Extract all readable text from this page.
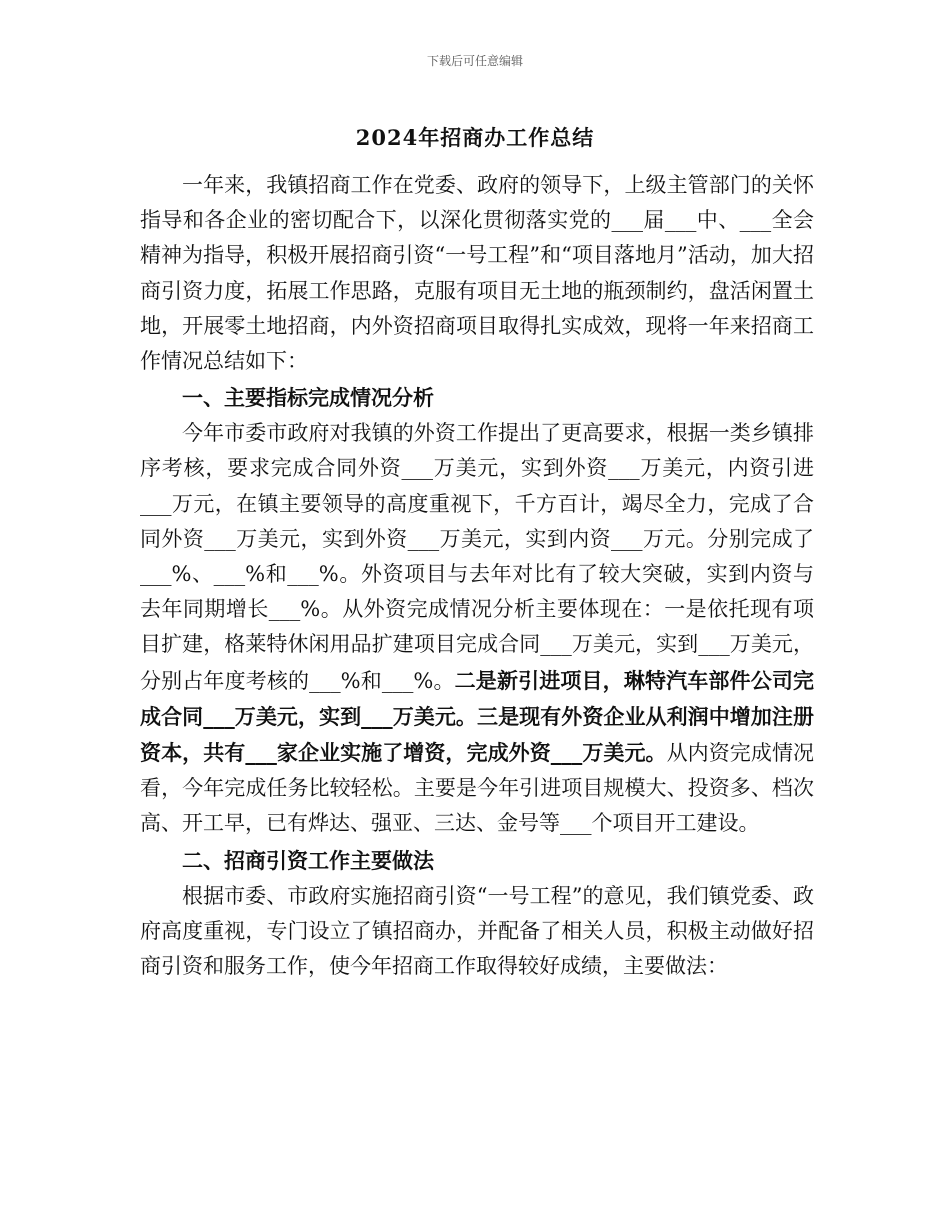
下载后可任意编辑
2024年招商办工作总结

一年来，我镇招商工作在党委、政府的领导下，上级主管部门的关怀指导和各企业的密切配合下，以深化贯彻落实党的___届___中、___全会精神为指导，积极开展招商引资“一号工程”和“项目落地月”活动，加大招商引资力度，拓展工作思路，克服有项目无土地的瓶颈制约，盘活闲置土地，开展零土地招商，内外资招商项目取得扎实成效，现将一年来招商工作情况总结如下：

一、主要指标完成情况分析

今年市委市政府对我镇的外资工作提出了更高要求，根据一类乡镇排序考核，要求完成合同外资___万美元，实到外资___万美元，内资引进___万元，在镇主要领导的高度重视下，千方百计，竭尽全力，完成了合同外资___万美元，实到外资___万美元，实到内资___万元。分别完成了___%、___%和___%。外资项目与去年对比有了较大突破，实到内资与去年同期增长___%。从外资完成情况分析主要体现在：一是依托现有项目扩建，格莱特休闲用品扩建项目完成合同___万美元，实到___万美元，分别占年度考核的___%和___%。二是新引进项目，琳特汽车部件公司完成合同___万美元，实到___万美元。三是现有外资企业从利润中增加注册资本，共有___家企业实施了增资，完成外资___万美元。从内资完成情况看，今年完成任务比较轻松。主要是今年引进项目规模大、投资多、档次高、开工早，已有烨达、强亚、三达、金号等___个项目开工建设。

二、招商引资工作主要做法

根据市委、市政府实施招商引资“一号工程”的意见，我们镇党委、政府高度重视，专门设立了镇招商办，并配备了相关人员，积极主动做好招商引资和服务工作，使今年招商工作取得较好成绩，主要做法：
